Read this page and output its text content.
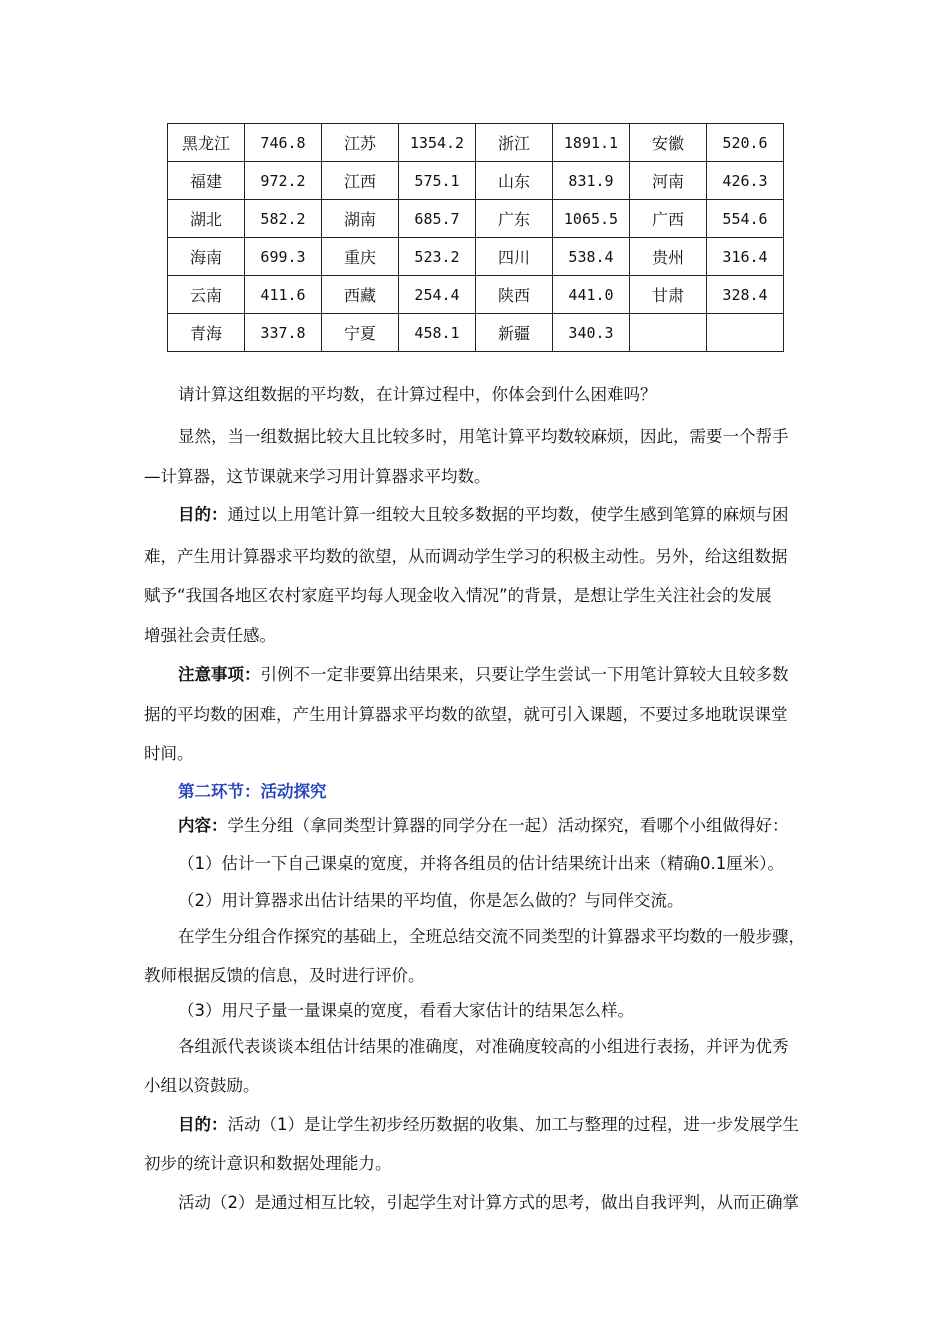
黑龙江	746.8	江苏	1354.2	浙江	1891.1	安徽	520.6
福建	972.2	江西	575.1	山东	831.9	河南	426.3
湖北	582.2	湖南	685.7	广东	1065.5	广西	554.6
海南	699.3	重庆	523.2	四川	538.4	贵州	316.4
云南	411.6	西藏	254.4	陕西	441.0	甘肃	328.4
青海	337.8	宁夏	458.1	新疆	340.3		
请计算这组数据的平均数，在计算过程中，你体会到什么困难吗？
显然，当一组数据比较大且比较多时，用笔计算平均数较麻烦，因此，需要一个帮手
—计算器，这节课就来学习用计算器求平均数。
目的：通过以上用笔计算一组较大且较多数据的平均数，使学生感到笔算的麻烦与困
难，产生用计算器求平均数的欲望，从而调动学生学习的积极主动性。另外，给这组数据
赋予“我国各地区农村家庭平均每人现金收入情况”的背景，是想让学生关注社会的发展
增强社会责任感。
注意事项：引例不一定非要算出结果来，只要让学生尝试一下用笔计算较大且较多数
据的平均数的困难，产生用计算器求平均数的欲望，就可引入课题，不要过多地耽误课堂
时间。
第二环节：活动探究
内容：学生分组（拿同类型计算器的同学分在一起）活动探究，看哪个小组做得好：
（1）估计一下自己课桌的宽度，并将各组员的估计结果统计出来（精确0.1厘米）。
（2）用计算器求出估计结果的平均值，你是怎么做的？与同伴交流。
在学生分组合作探究的基础上，全班总结交流不同类型的计算器求平均数的一般步骤，
教师根据反馈的信息，及时进行评价。
（3）用尺子量一量课桌的宽度，看看大家估计的结果怎么样。
各组派代表谈谈本组估计结果的准确度，对准确度较高的小组进行表扬，并评为优秀
小组以资鼓励。
目的：活动（1）是让学生初步经历数据的收集、加工与整理的过程，进一步发展学生
初步的统计意识和数据处理能力。
活动（2）是通过相互比较，引起学生对计算方式的思考，做出自我评判，从而正确掌
